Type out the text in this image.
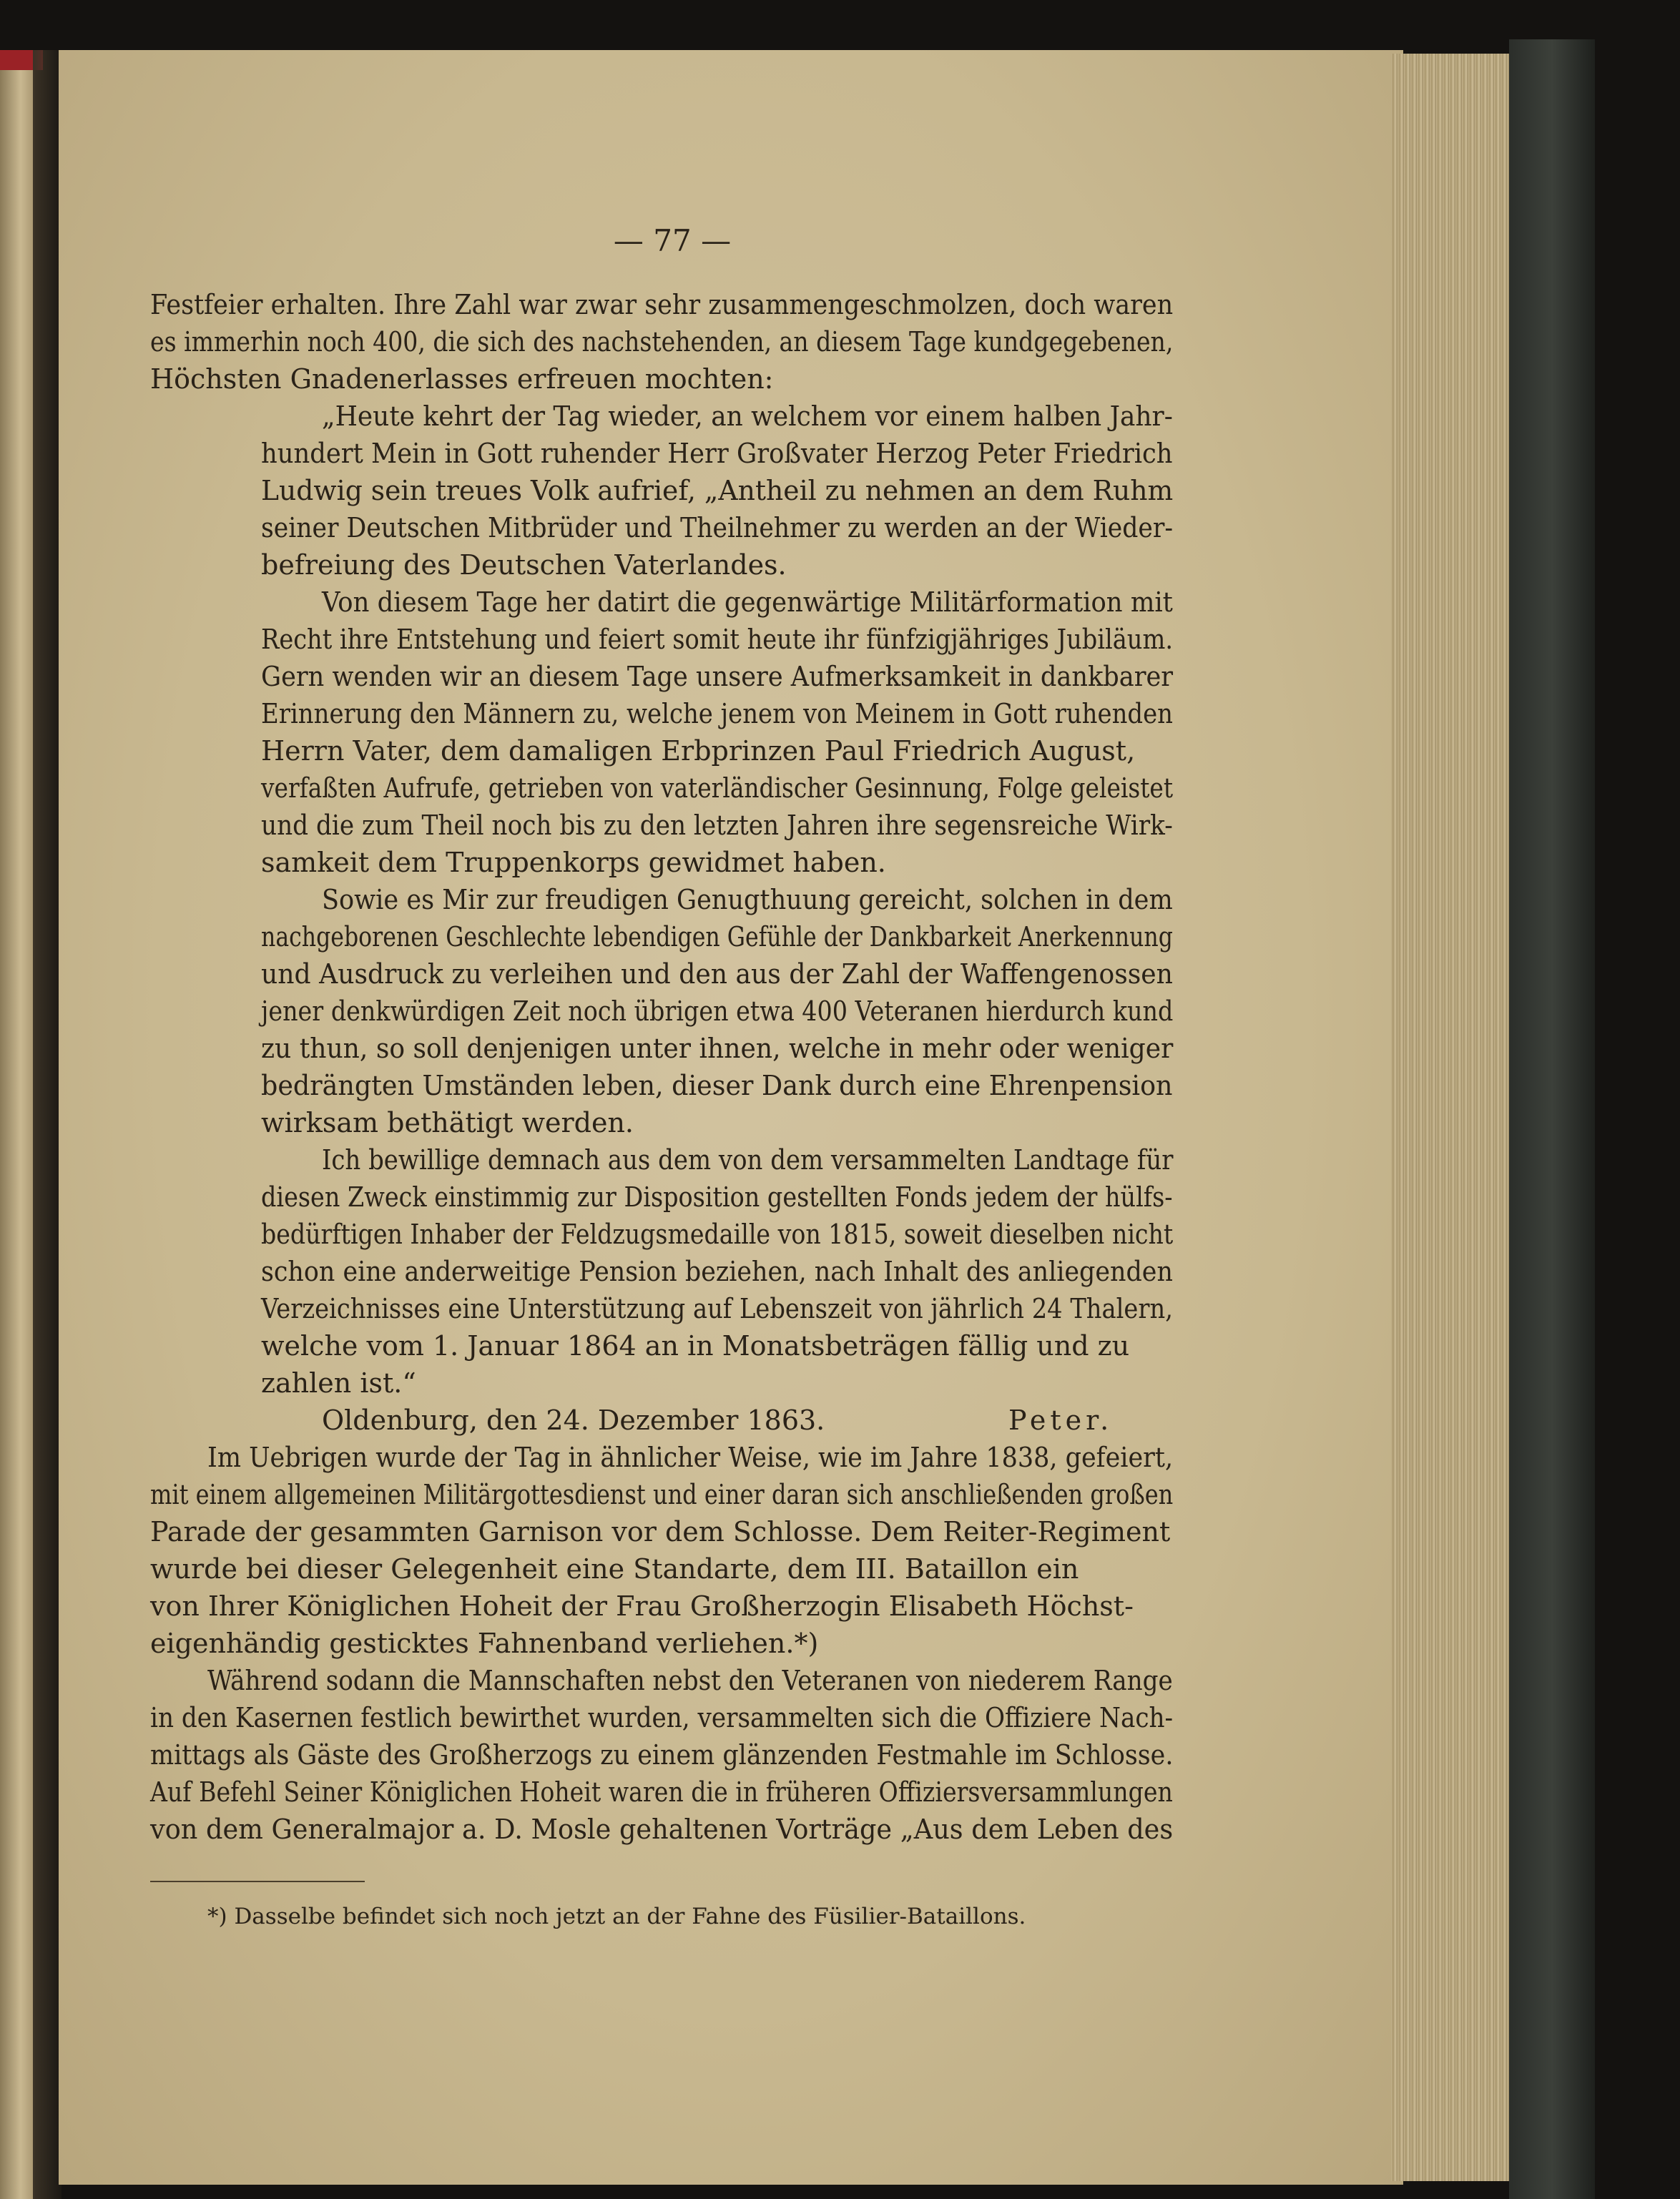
— 77 —
Festfeier erhalten. Ihre Zahl war zwar sehr zusammengeschmolzen, doch waren
es immerhin noch 400, die sich des nachstehenden, an diesem Tage kundgegebenen,
Höchsten Gnadenerlasses erfreuen mochten:
„Heute kehrt der Tag wieder, an welchem vor einem halben Jahr-
hundert Mein in Gott ruhender Herr Großvater Herzog Peter Friedrich
Ludwig sein treues Volk aufrief, „Antheil zu nehmen an dem Ruhm
seiner Deutschen Mitbrüder und Theilnehmer zu werden an der Wieder-
befreiung des Deutschen Vaterlandes.
Von diesem Tage her datirt die gegenwärtige Militärformation mit
Recht ihre Entstehung und feiert somit heute ihr fünfzigjähriges Jubiläum.
Gern wenden wir an diesem Tage unsere Aufmerksamkeit in dankbarer
Erinnerung den Männern zu, welche jenem von Meinem in Gott ruhenden
Herrn Vater, dem damaligen Erbprinzen Paul Friedrich August,
verfaßten Aufrufe, getrieben von vaterländischer Gesinnung, Folge geleistet
und die zum Theil noch bis zu den letzten Jahren ihre segensreiche Wirk-
samkeit dem Truppenkorps gewidmet haben.
Sowie es Mir zur freudigen Genugthuung gereicht, solchen in dem
nachgeborenen Geschlechte lebendigen Gefühle der Dankbarkeit Anerkennung
und Ausdruck zu verleihen und den aus der Zahl der Waffengenossen
jener denkwürdigen Zeit noch übrigen etwa 400 Veteranen hierdurch kund
zu thun, so soll denjenigen unter ihnen, welche in mehr oder weniger
bedrängten Umständen leben, dieser Dank durch eine Ehrenpension
wirksam bethätigt werden.
Ich bewillige demnach aus dem von dem versammelten Landtage für
diesen Zweck einstimmig zur Disposition gestellten Fonds jedem der hülfs-
bedürftigen Inhaber der Feldzugsmedaille von 1815, soweit dieselben nicht
schon eine anderweitige Pension beziehen, nach Inhalt des anliegenden
Verzeichnisses eine Unterstützung auf Lebenszeit von jährlich 24 Thalern,
welche vom 1. Januar 1864 an in Monatsbeträgen fällig und zu
zahlen ist.“
Oldenburg, den 24. Dezember 1863.	Peter.
Im Uebrigen wurde der Tag in ähnlicher Weise, wie im Jahre 1838, gefeiert,
mit einem allgemeinen Militärgottesdienst und einer daran sich anschließenden großen
Parade der gesammten Garnison vor dem Schlosse. Dem Reiter-Regiment
wurde bei dieser Gelegenheit eine Standarte, dem III. Bataillon ein
von Ihrer Königlichen Hoheit der Frau Großherzogin Elisabeth Höchst-
eigenhändig gesticktes Fahnenband verliehen.*)
Während sodann die Mannschaften nebst den Veteranen von niederem Range
in den Kasernen festlich bewirthet wurden, versammelten sich die Offiziere Nach-
mittags als Gäste des Großherzogs zu einem glänzenden Festmahle im Schlosse.
Auf Befehl Seiner Königlichen Hoheit waren die in früheren Offiziersversammlungen
von dem Generalmajor a. D. Mosle gehaltenen Vorträge „Aus dem Leben des
*) Dasselbe befindet sich noch jetzt an der Fahne des Füsilier-Bataillons.
